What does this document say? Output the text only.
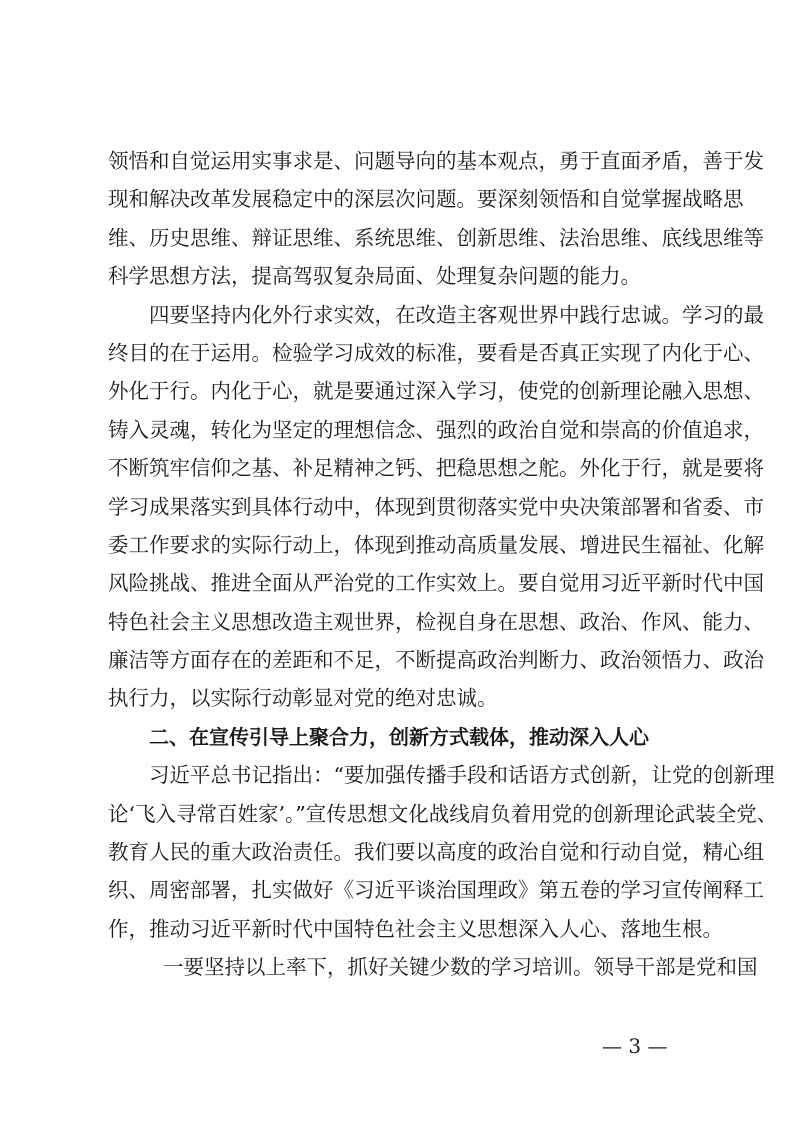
领悟和自觉运用实事求是、问题导向的基本观点，勇于直面矛盾，善于发
现和解决改革发展稳定中的深层次问题。要深刻领悟和自觉掌握战略思
维、历史思维、辩证思维、系统思维、创新思维、法治思维、底线思维等
科学思想方法，提高驾驭复杂局面、处理复杂问题的能力。
四要坚持内化外行求实效，在改造主客观世界中践行忠诚。学习的最
终目的在于运用。检验学习成效的标准，要看是否真正实现了内化于心、
外化于行。内化于心，就是要通过深入学习，使党的创新理论融入思想、
铸入灵魂，转化为坚定的理想信念、强烈的政治自觉和崇高的价值追求，
不断筑牢信仰之基、补足精神之钙、把稳思想之舵。外化于行，就是要将
学习成果落实到具体行动中，体现到贯彻落实党中央决策部署和省委、市
委工作要求的实际行动上，体现到推动高质量发展、增进民生福祉、化解
风险挑战、推进全面从严治党的工作实效上。要自觉用习近平新时代中国
特色社会主义思想改造主观世界，检视自身在思想、政治、作风、能力、
廉洁等方面存在的差距和不足，不断提高政治判断力、政治领悟力、政治
执行力，以实际行动彰显对党的绝对忠诚。
二、在宣传引导上聚合力，创新方式载体，推动深入人心
习近平总书记指出：“要加强传播手段和话语方式创新，让党的创新理
论‘飞入寻常百姓家’。”宣传思想文化战线肩负着用党的创新理论武装全党、
教育人民的重大政治责任。我们要以高度的政治自觉和行动自觉，精心组
织、周密部署，扎实做好《习近平谈治国理政》第五卷的学习宣传阐释工
作，推动习近平新时代中国特色社会主义思想深入人心、落地生根。
一要坚持以上率下，抓好关键少数的学习培训。领导干部是党和国
— 3 —
